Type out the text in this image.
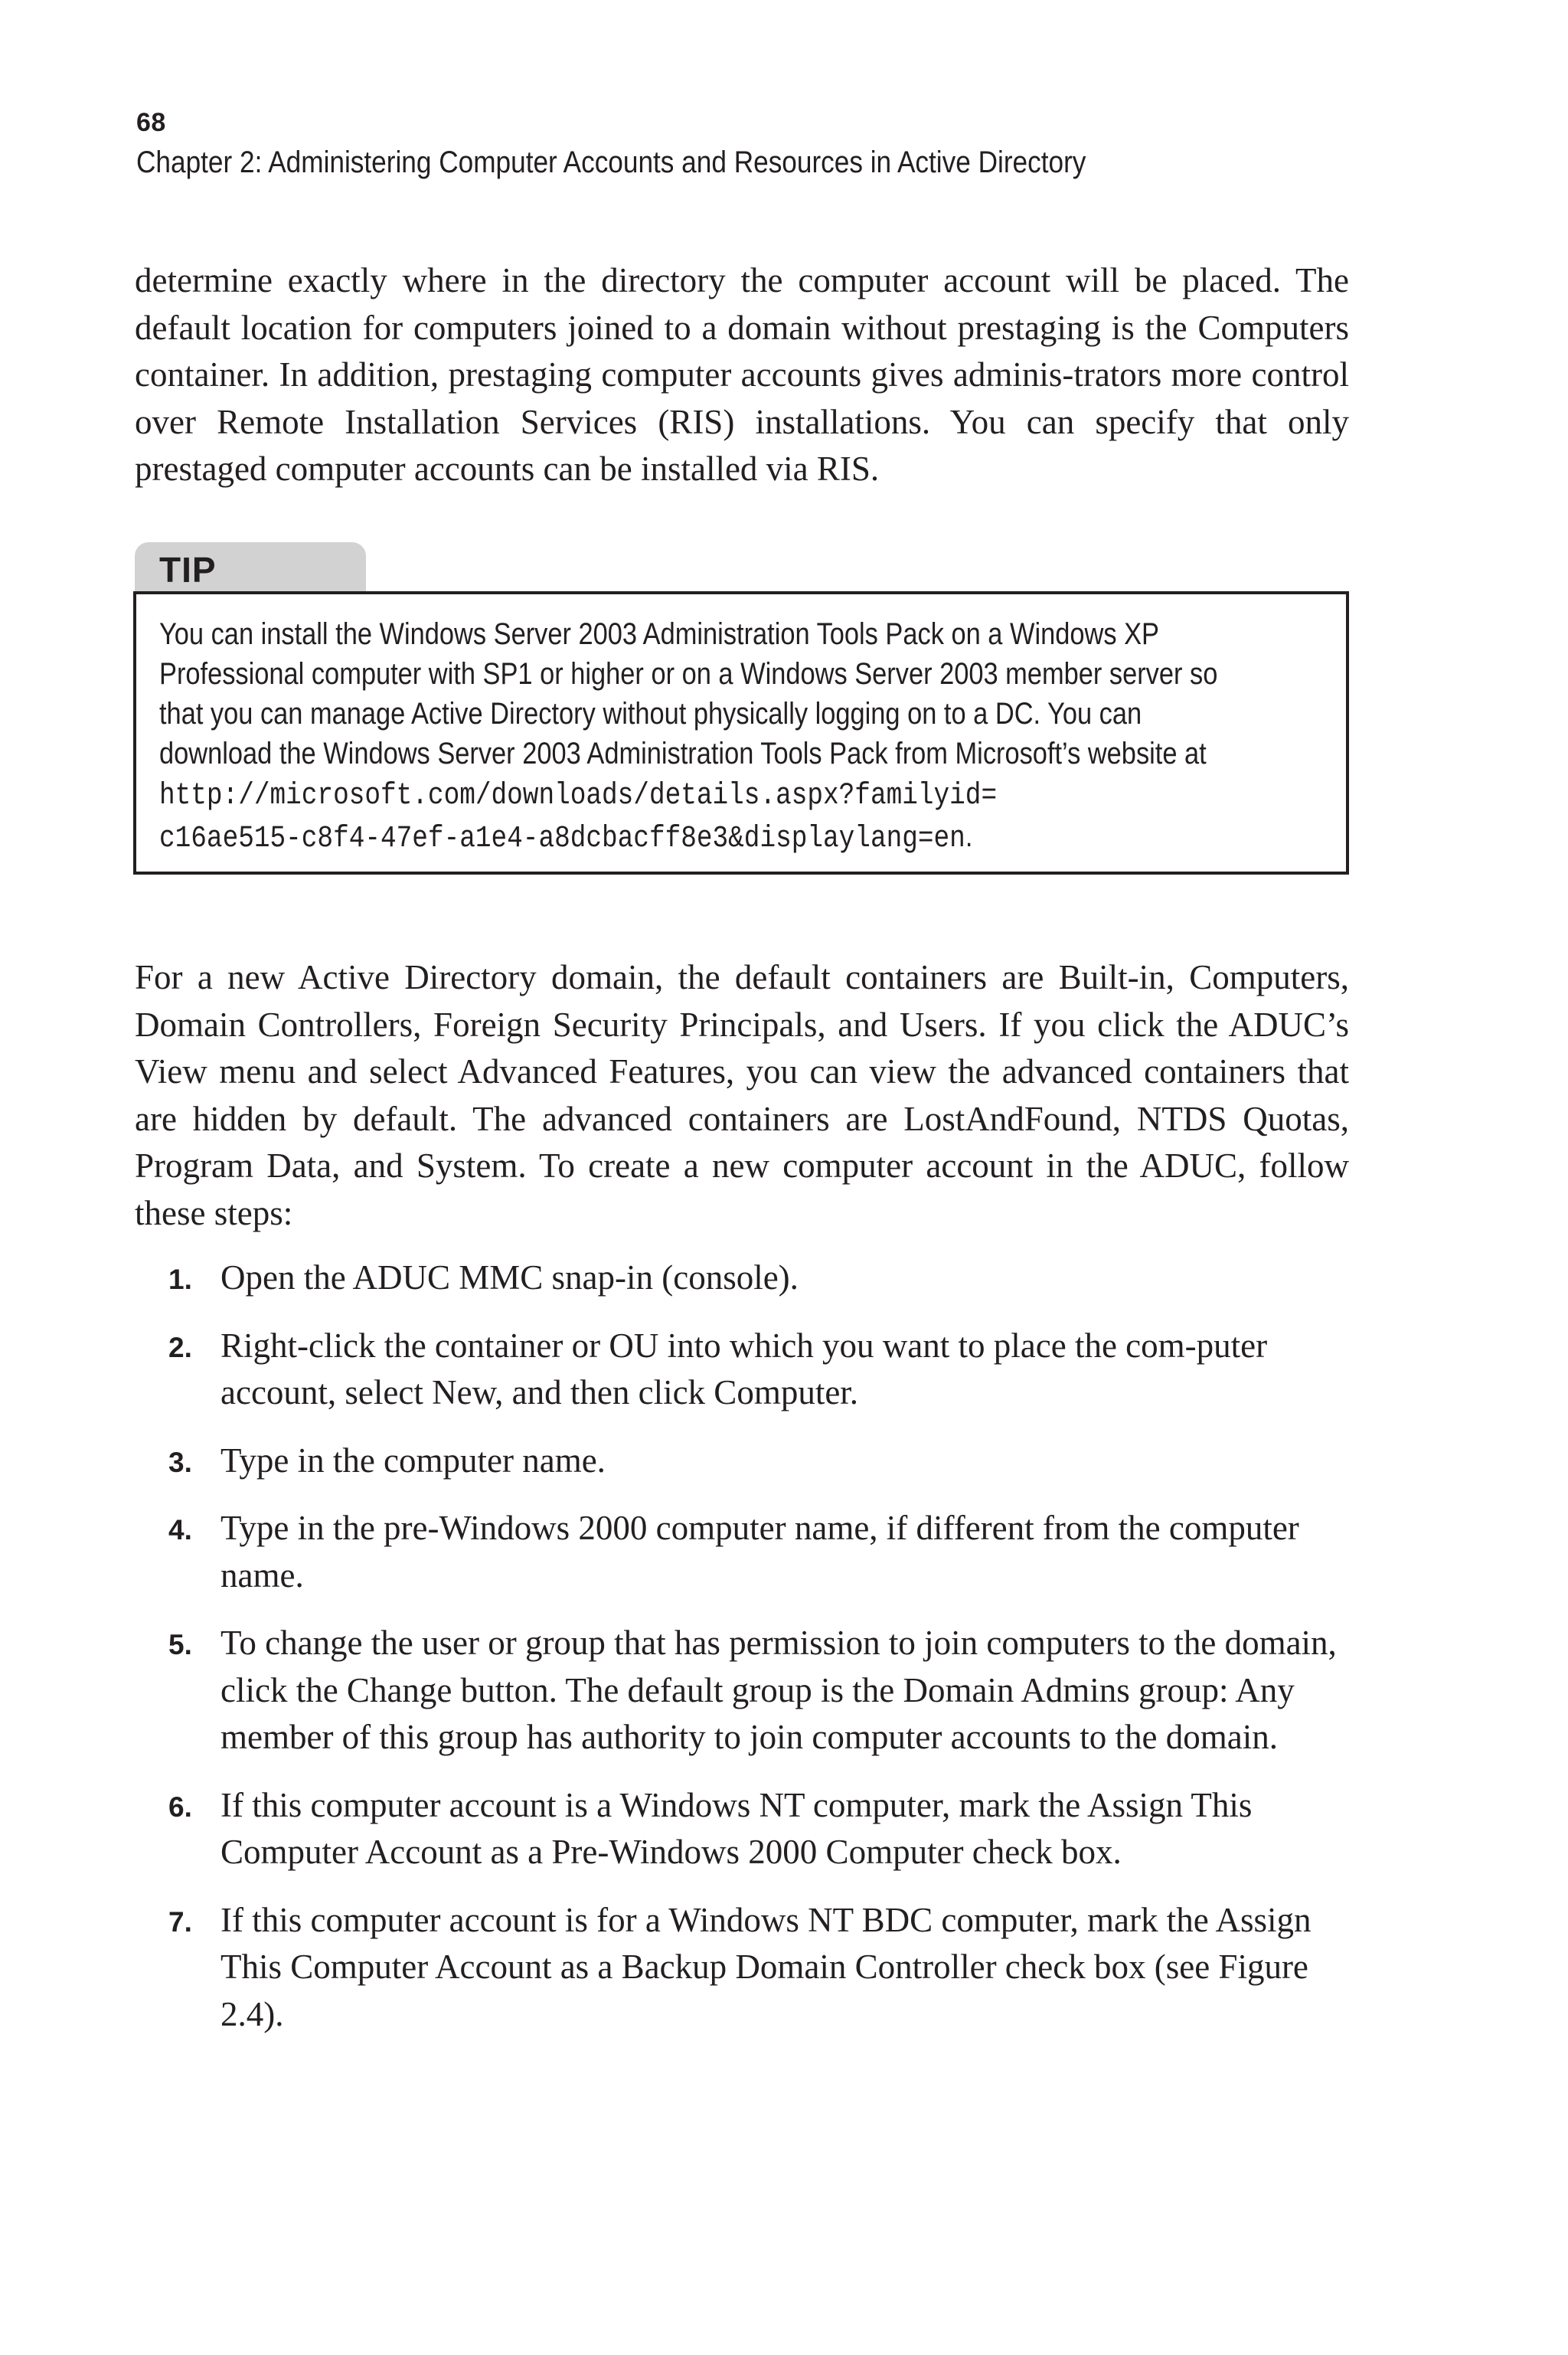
68
Chapter 2: Administering Computer Accounts and Resources in Active Directory

determine exactly where in the directory the computer account will be placed. The default location for computers joined to a domain without prestaging is the Computers container. In addition, prestaging computer accounts gives adminis-trators more control over Remote Installation Services (RIS) installations. You can specify that only prestaged computer accounts can be installed via RIS.

TIP

You can install the Windows Server 2003 Administration Tools Pack on a Windows XP Professional computer with SP1 or higher or on a Windows Server 2003 member server so that you can manage Active Directory without physically logging on to a DC. You can download the Windows Server 2003 Administration Tools Pack from Microsoft’s website at http://microsoft.com/downloads/details.aspx?familyid=
c16ae515-c8f4-47ef-a1e4-a8dcbacff8e3&displaylang=en.

For a new Active Directory domain, the default containers are Built-in, Computers, Domain Controllers, Foreign Security Principals, and Users. If you click the ADUC’s View menu and select Advanced Features, you can view the advanced containers that are hidden by default. The advanced containers are LostAndFound, NTDS Quotas, Program Data, and System. To create a new computer account in the ADUC, follow these steps:

1. Open the ADUC MMC snap-in (console).
2. Right-click the container or OU into which you want to place the com-puter account, select New, and then click Computer.
3. Type in the computer name.
4. Type in the pre-Windows 2000 computer name, if different from the computer name.
5. To change the user or group that has permission to join computers to the domain, click the Change button. The default group is the Domain Admins group: Any member of this group has authority to join computer accounts to the domain.
6. If this computer account is a Windows NT computer, mark the Assign This Computer Account as a Pre-Windows 2000 Computer check box.
7. If this computer account is for a Windows NT BDC computer, mark the Assign This Computer Account as a Backup Domain Controller check box (see Figure 2.4).
